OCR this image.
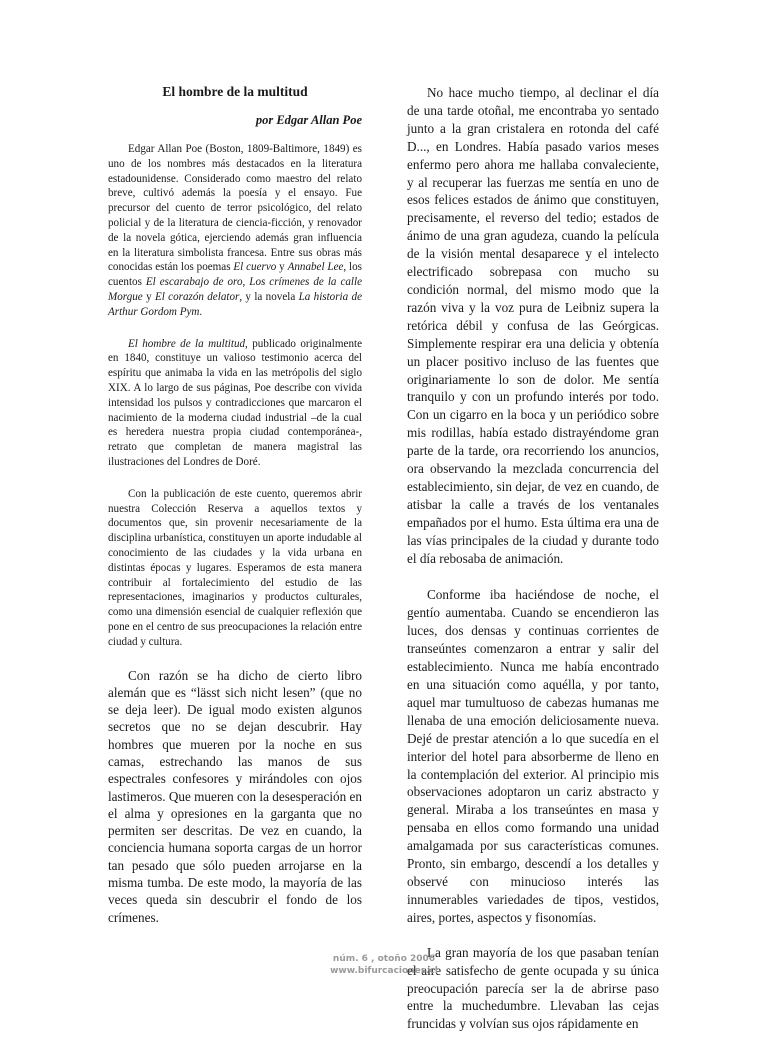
El hombre de la multitud
por Edgar Allan Poe

Edgar Allan Poe (Boston, 1809-Baltimore, 1849) es uno de los nombres más destacados en la literatura estadounidense. Considerado como maestro del relato breve, cultivó además la poesía y el ensayo. Fue precursor del cuento de terror psicológico, del relato policial y de la literatura de ciencia-ficción, y renovador de la novela gótica, ejerciendo además gran influencia en la literatura simbolista francesa. Entre sus obras más conocidas están los poemas El cuervo y Annabel Lee, los cuentos El escarabajo de oro, Los crímenes de la calle Morgue y El corazón delator, y la novela La historia de Arthur Gordom Pym.

El hombre de la multitud, publicado originalmente en 1840, constituye un valioso testimonio acerca del espíritu que animaba la vida en las metrópolis del siglo XIX. A lo largo de sus páginas, Poe describe con vivida intensidad los pulsos y contradicciones que marcaron el nacimiento de la moderna ciudad industrial –de la cual es heredera nuestra propia ciudad contemporánea-, retrato que completan de manera magistral las ilustraciones del Londres de Doré.

Con la publicación de este cuento, queremos abrir nuestra Colección Reserva a aquellos textos y documentos que, sin provenir necesariamente de la disciplina urbanística, constituyen un aporte indudable al conocimiento de las ciudades y la vida urbana en distintas épocas y lugares. Esperamos de esta manera contribuir al fortalecimiento del estudio de las representaciones, imaginarios y productos culturales, como una dimensión esencial de cualquier reflexión que pone en el centro de sus preocupaciones la relación entre ciudad y cultura.

Con razón se ha dicho de cierto libro alemán que es “lässt sich nicht lesen” (que no se deja leer). De igual modo existen algunos secretos que no se dejan descubrir. Hay hombres que mueren por la noche en sus camas, estrechando las manos de sus espectrales confesores y mirándoles con ojos lastimeros. Que mueren con la desesperación en el alma y opresiones en la garganta que no permiten ser descritas. De vez en cuando, la conciencia humana soporta cargas de un horror tan pesado que sólo pueden arrojarse en la misma tumba. De este modo, la mayoría de las veces queda sin descubrir el fondo de los crímenes.

No hace mucho tiempo, al declinar el día de una tarde otoñal, me encontraba yo sentado junto a la gran cristalera en rotonda del café D..., en Londres. Había pasado varios meses enfermo pero ahora me hallaba convaleciente, y al recuperar las fuerzas me sentía en uno de esos felices estados de ánimo que constituyen, precisamente, el reverso del tedio; estados de ánimo de una gran agudeza, cuando la película de la visión mental desaparece y el intelecto electrificado sobrepasa con mucho su condición normal, del mismo modo que la razón viva y la voz pura de Leibniz supera la retórica débil y confusa de las Geórgicas. Simplemente respirar era una delicia y obtenía un placer positivo incluso de las fuentes que originariamente lo son de dolor. Me sentía tranquilo y con un profundo interés por todo. Con un cigarro en la boca y un periódico sobre mis rodillas, había estado distrayéndome gran parte de la tarde, ora recorriendo los anuncios, ora observando la mezclada concurrencia del establecimiento, sin dejar, de vez en cuando, de atisbar la calle a través de los ventanales empañados por el humo. Esta última era una de las vías principales de la ciudad y durante todo el día rebosaba de animación.

Conforme iba haciéndose de noche, el gentío aumentaba. Cuando se encendieron las luces, dos densas y continuas corrientes de transeúntes comenzaron a entrar y salir del establecimiento. Nunca me había encontrado en una situación como aquélla, y por tanto, aquel mar tumultuoso de cabezas humanas me llenaba de una emoción deliciosamente nueva. Dejé de prestar atención a lo que sucedía en el interior del hotel para absorberme de lleno en la contemplación del exterior. Al principio mis observaciones adoptaron un cariz abstracto y general. Miraba a los transeúntes en masa y pensaba en ellos como formando una unidad amalgamada por sus características comunes. Pronto, sin embargo, descendí a los detalles y observé con minucioso interés las innumerables variedades de tipos, vestidos, aires, portes, aspectos y fisonomías.

La gran mayoría de los que pasaban tenían el aire satisfecho de gente ocupada y su única preocupación parecía ser la de abrirse paso entre la muchedumbre. Llevaban las cejas fruncidas y volvían sus ojos rápidamente en

núm. 6 , otoño 2006
www.bifurcaciones.cl
